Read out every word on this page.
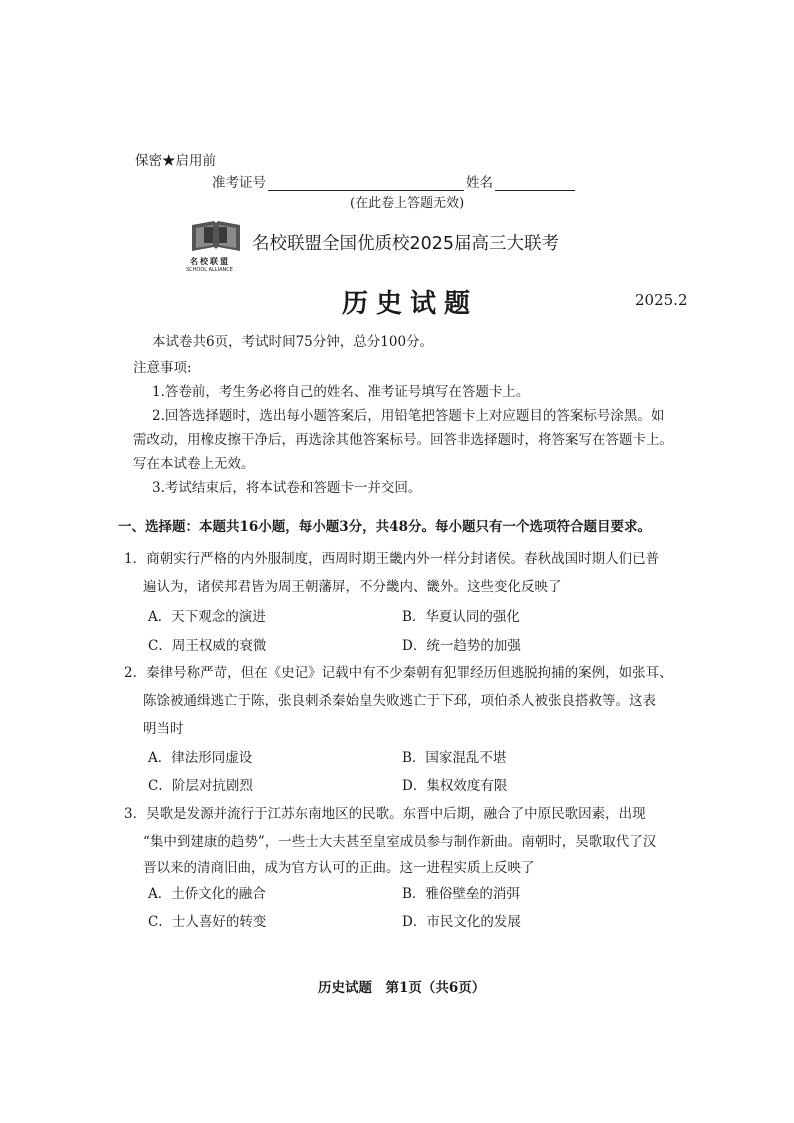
保密★启用前
准考证号	姓名
(在此卷上答题无效)
名校联盟
SCHOOL ALLIANCE
名校联盟全国优质校2025届高三大联考
历史试题	2025.2
本试卷共6页，考试时间75分钟，总分100分。
注意事项:
1.答卷前，考生务必将自己的姓名、准考证号填写在答题卡上。
2.回答选择题时，选出每小题答案后，用铅笔把答题卡上对应题目的答案标号涂黑。如
需改动，用橡皮擦干净后，再选涂其他答案标号。回答非选择题时，将答案写在答题卡上。
写在本试卷上无效。
3.考试结束后，将本试卷和答题卡一并交回。
一、选择题：本题共16小题，每小题3分，共48分。每小题只有一个选项符合题目要求。
1．商朝实行严格的内外服制度，西周时期王畿内外一样分封诸侯。春秋战国时期人们已普
遍认为，诸侯邦君皆为周王朝藩屏，不分畿内、畿外。这些变化反映了
A．天下观念的演进	B．华夏认同的强化
C．周王权威的衰微	D．统一趋势的加强
2．秦律号称严苛，但在《史记》记载中有不少秦朝有犯罪经历但逃脱拘捕的案例，如张耳、
陈馀被通缉逃亡于陈，张良刺杀秦始皇失败逃亡于下邳，项伯杀人被张良搭救等。这表
明当时
A．律法形同虚设	B．国家混乱不堪
C．阶层对抗剧烈	D．集权效度有限
3．吴歌是发源并流行于江苏东南地区的民歌。东晋中后期，融合了中原民歌因素，出现
“集中到建康的趋势”，一些士大夫甚至皇室成员参与制作新曲。南朝时，吴歌取代了汉
晋以来的清商旧曲，成为官方认可的正曲。这一进程实质上反映了
A．土侨文化的融合	B．雅俗壁垒的消弭
C．士人喜好的转变	D．市民文化的发展
历史试题　第1页（共6页）
